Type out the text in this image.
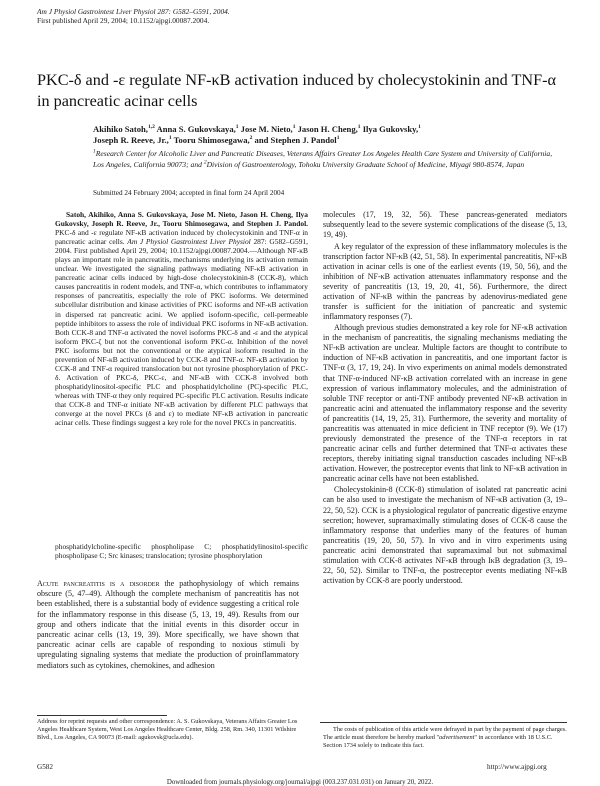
Am J Physiol Gastrointest Liver Physiol 287: G582–G591, 2004.
First published April 29, 2004; 10.1152/ajpgi.00087.2004.
PKC-δ and -ε regulate NF-κB activation induced by cholecystokinin and TNF-α in pancreatic acinar cells
Akihiko Satoh,$^{1,2}$ Anna S. Gukovskaya,$^1$ Jose M. Nieto,$^1$ Jason H. Cheng,$^1$ Ilya Gukovsky,$^1$
Joseph R. Reeve, Jr.,$^1$ Tooru Shimosegawa,$^2$ and Stephen J. Pandol$^1$
$^1$Research Center for Alcoholic Liver and Pancreatic Diseases, Veterans Affairs Greater Los Angeles Health Care System and University of California, Los Angeles, California 90073; and $^2$Division of Gastroenterology, Tohoku University Graduate School of Medicine, Miyagi 980-8574, Japan
Submitted 24 February 2004; accepted in final form 24 April 2004

Satoh, Akihiko, Anna S. Gukovskaya, Jose M. Nieto, Jason H. Cheng, Ilya Gukovsky, Joseph R. Reeve, Jr., Tooru Shimosegawa, and Stephen J. Pandol. PKC-δ and -ε regulate NF-κB activation induced by cholecystokinin and TNF-α in pancreatic acinar cells. Am J Physiol Gastrointest Liver Physiol 287: G582–G591, 2004. First published April 29, 2004; 10.1152/ajpgi.00087.2004.—Although NF-κB plays an important role in pancreatitis, mechanisms underlying its activation remain unclear. We investigated the signaling pathways mediating NF-κB activation in pancreatic acinar cells induced by high-dose cholecystokinin-8 (CCK-8), which causes pancreatitis in rodent models, and TNF-α, which contributes to inflammatory responses of pancreatitis, especially the role of PKC isoforms. We determined subcellular distribution and kinase activities of PKC isoforms and NF-κB activation in dispersed rat pancreatic acini. We applied isoform-specific, cell-permeable peptide inhibitors to assess the role of individual PKC isoforms in NF-κB activation. Both CCK-8 and TNF-α activated the novel isoforms PKC-δ and -ε and the atypical isoform PKC-ζ but not the conventional isoform PKC-α. Inhibition of the novel PKC isoforms but not the conventional or the atypical isoform resulted in the prevention of NF-κB activation induced by CCK-8 and TNF-α. NF-κB activation by CCK-8 and TNF-α required translocation but not tyrosine phosphorylation of PKC-δ. Activation of PKC-δ, PKC-ε, and NF-κB with CCK-8 involved both phosphatidylinositol-specific PLC and phosphatidylcholine (PC)-specific PLC, whereas with TNF-α they only required PC-specific PLC activation. Results indicate that CCK-8 and TNF-α initiate NF-κB activation by different PLC pathways that converge at the novel PKCs (δ and ε) to mediate NF-κB activation in pancreatic acinar cells. These findings suggest a key role for the novel PKCs in pancreatitis.

phosphatidylcholine-specific phospholipase C; phosphatidylinositol-specific phospholipase C; Src kinases; translocation; tyrosine phosphorylation

Acute pancreatitis is a disorder the pathophysiology of which remains obscure (5, 47–49). Although the complete mechanism of pancreatitis has not been established, there is a substantial body of evidence suggesting a critical role for the inflammatory response in this disease (5, 13, 19, 49). Results from our group and others indicate that the initial events in this disorder occur in pancreatic acinar cells (13, 19, 39). More specifically, we have shown that pancreatic acinar cells are capable of responding to noxious stimuli by upregulating signaling systems that mediate the production of proinflammatory mediators such as cytokines, chemokines, and adhesion

molecules (17, 19, 32, 56). These pancreas-generated mediators subsequently lead to the severe systemic complications of the disease (5, 13, 19, 49).

A key regulator of the expression of these inflammatory molecules is the transcription factor NF-κB (42, 51, 58). In experimental pancreatitis, NF-κB activation in acinar cells is one of the earliest events (19, 50, 56), and the inhibition of NF-κB activation attenuates inflammatory response and the severity of pancreatitis (13, 19, 20, 41, 56). Furthermore, the direct activation of NF-κB within the pancreas by adenovirus-mediated gene transfer is sufficient for the initiation of pancreatic and systemic inflammatory responses (7).

Although previous studies demonstrated a key role for NF-κB activation in the mechanism of pancreatitis, the signaling mechanisms mediating the NF-κB activation are unclear. Multiple factors are thought to contribute to induction of NF-κB activation in pancreatitis, and one important factor is TNF-α (3, 17, 19, 24). In vivo experiments on animal models demonstrated that TNF-α-induced NF-κB activation correlated with an increase in gene expression of various inflammatory molecules, and the administration of soluble TNF receptor or anti-TNF antibody prevented NF-κB activation in pancreatic acini and attenuated the inflammatory response and the severity of pancreatitis (14, 19, 25, 31). Furthermore, the severity and mortality of pancreatitis was attenuated in mice deficient in TNF receptor (9). We (17) previously demonstrated the presence of the TNF-α receptors in rat pancreatic acinar cells and further determined that TNF-α activates these receptors, thereby initiating signal transduction cascades including NF-κB activation. However, the postreceptor events that link to NF-κB activation in pancreatic acinar cells have not been established.

Cholecystokinin-8 (CCK-8) stimulation of isolated rat pancreatic acini can be also used to investigate the mechanism of NF-κB activation (3, 19–22, 50, 52). CCK is a physiological regulator of pancreatic digestive enzyme secretion; however, supramaximally stimulating doses of CCK-8 cause the inflammatory response that underlies many of the features of human pancreatitis (19, 20, 50, 57). In vivo and in vitro experiments using pancreatic acini demonstrated that supramaximal but not submaximal stimulation with CCK-8 activates NF-κB through IκB degradation (3, 19–22, 50, 52). Similar to TNF-α, the postreceptor events mediating NF-κB activation by CCK-8 are poorly understood.

Address for reprint requests and other correspondence: A. S. Gukovskaya, Veterans Affairs Greater Los Angeles Healthcare System, West Los Angeles Healthcare Center, Bldg. 258, Rm. 340, 11301 Wilshire Blvd., Los Angeles, CA 90073 (E-mail: agukovsk@ucla.edu).
The costs of publication of this article were defrayed in part by the payment of page charges. The article must therefore be hereby marked "advertisement" in accordance with 18 U.S.C. Section 1734 solely to indicate this fact.
G582	http://www.ajpgi.org
Downloaded from journals.physiology.org/journal/ajpgi (003.237.031.031) on January 20, 2022.
